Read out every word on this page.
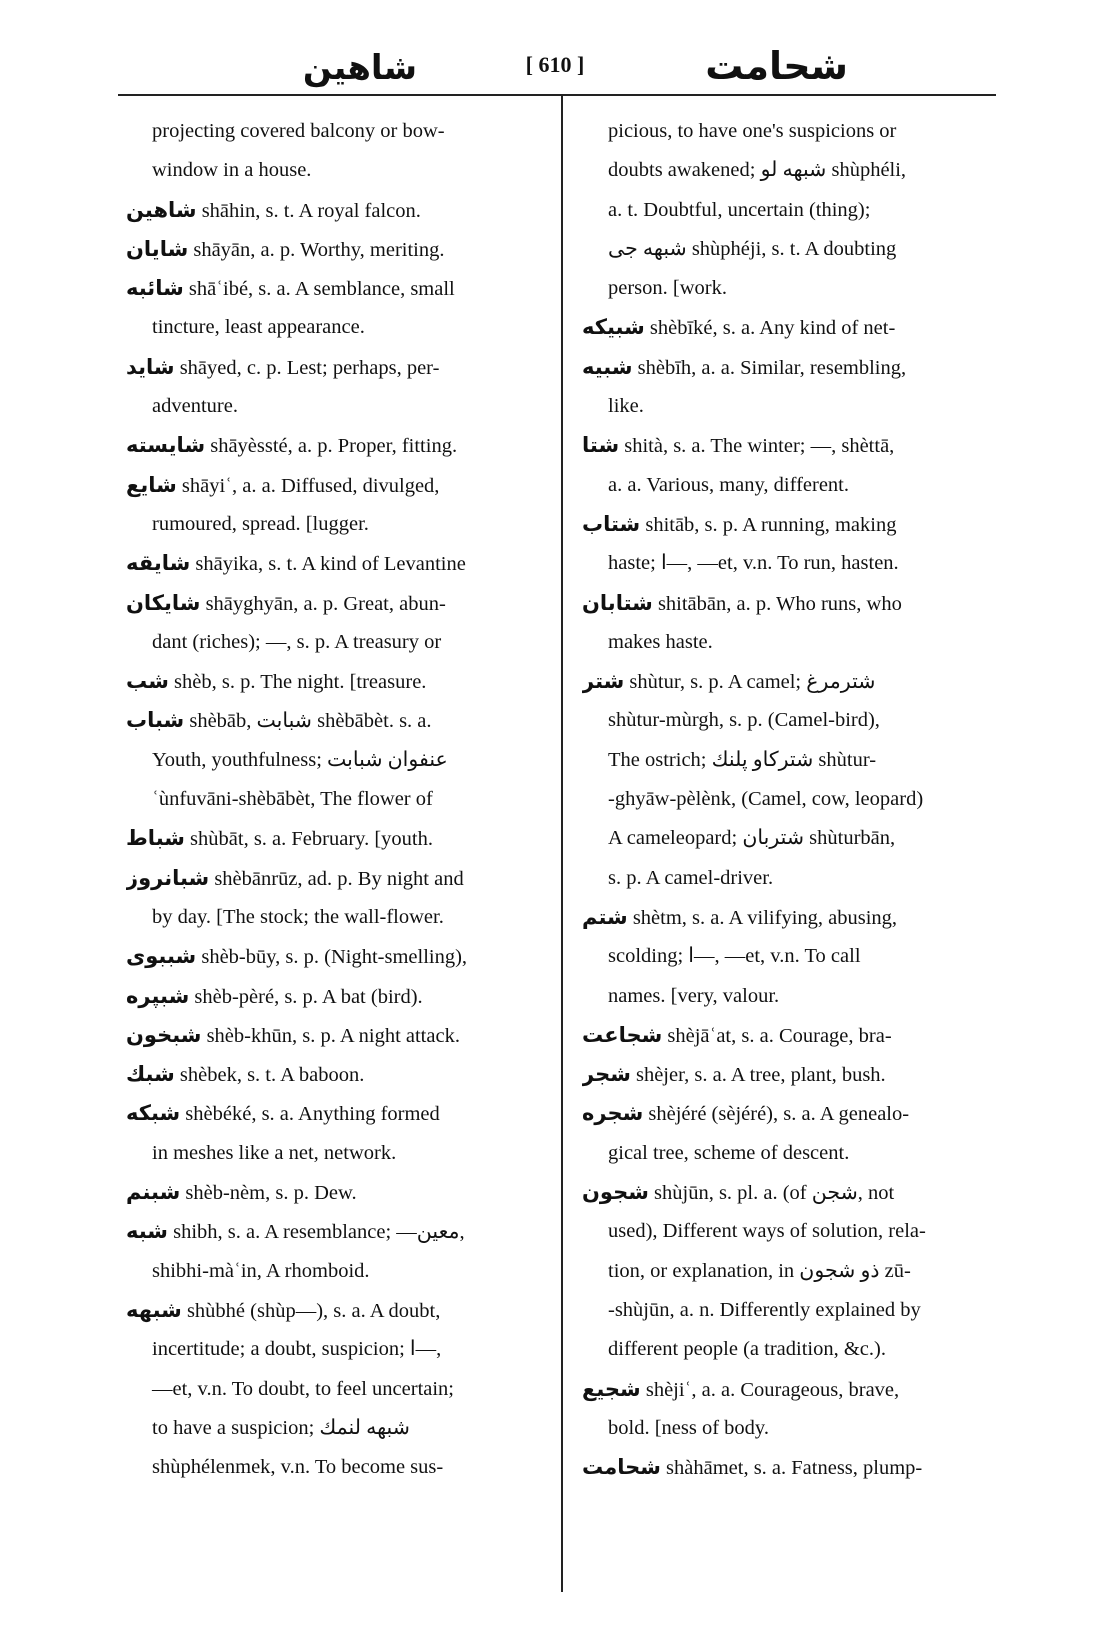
شاهين	[ 610 ]	شحامت
projecting covered balcony or bow-
window in a house.
شاهين shāhin, s. t. A royal falcon.
شايان shāyān, a. p. Worthy, meriting.
شائبه shāʿibé, s. a. A semblance, small
tincture, least appearance.
شايد shāyed, c. p. Lest; perhaps, per-
adventure.
شايسته shāyèssté, a. p. Proper, fitting.
شايع shāyiʿ, a. a. Diffused, divulged,
rumoured, spread. [lugger.
شايقه shāyika, s. t. A kind of Levantine
شايكان shāyghyān, a. p. Great, abun-
dant (riches); —, s. p. A treasury or
شب shèb, s. p. The night. [treasure.
شباب shèbāb, شبابت shèbābèt. s. a.
Youth, youthfulness; عنفوان شبابت
ʿùnfuvāni-shèbābèt, The flower of
شباط shùbāt, s. a. February. [youth.
شبانروز shèbānrūz, ad. p. By night and
by day. [The stock; the wall-flower.
شببوى shèb-būy, s. p. (Night-smelling),
شبپره shèb-pèré, s. p. A bat (bird).
شبخون shèb-khūn, s. p. A night attack.
شبك shèbek, s. t. A baboon.
شبكه shèbéké, s. a. Anything formed
in meshes like a net, network.
شبنم shèb-nèm, s. p. Dew.
شبه shibh, s. a. A resemblance; —معين,
shibhi-màʿin, A rhomboid.
شبهه shùbhé (shùp—), s. a. A doubt,
incertitude; a doubt, suspicion; ا—,
—et, v.n. To doubt, to feel uncertain;
to have a suspicion; شبهه لنمك
shùphélenmek, v.n. To become sus-
picious, to have one's suspicions or
doubts awakened; شبهه لو shùphéli,
a. t. Doubtful, uncertain (thing);
شبهه جى shùphéji, s. t. A doubting
person. [work.
شبيكه shèbīké, s. a. Any kind of net-
شبيه shèbīh, a. a. Similar, resembling,
like.
شتا shità, s. a. The winter; —, shèttā,
a. a. Various, many, different.
شتاب shitāb, s. p. A running, making
haste; ا—, —et, v.n. To run, hasten.
شتابان shitābān, a. p. Who runs, who
makes haste.
شتر shùtur, s. p. A camel; شترمرغ
shùtur-mùrgh, s. p. (Camel-bird),
The ostrich; شتركاو پلنك shùtur-
-ghyāw-pèlènk, (Camel, cow, leopard)
A cameleopard; شتربان shùturbān,
s. p. A camel-driver.
شتم shètm, s. a. A vilifying, abusing,
scolding; ا—, —et, v.n. To call
names. [very, valour.
شجاعت shèjāʿat, s. a. Courage, bra-
شجر shèjer, s. a. A tree, plant, bush.
شجره shèjéré (sèjéré), s. a. A genealo-
gical tree, scheme of descent.
شجون shùjūn, s. pl. a. (of شجن, not
used), Different ways of solution, rela-
tion, or explanation, in ذو شجون zū-
-shùjūn, a. n. Differently explained by
different people (a tradition, &c.).
شجيع shèjiʿ, a. a. Courageous, brave,
bold. [ness of body.
شحامت shàhāmet, s. a. Fatness, plump-
